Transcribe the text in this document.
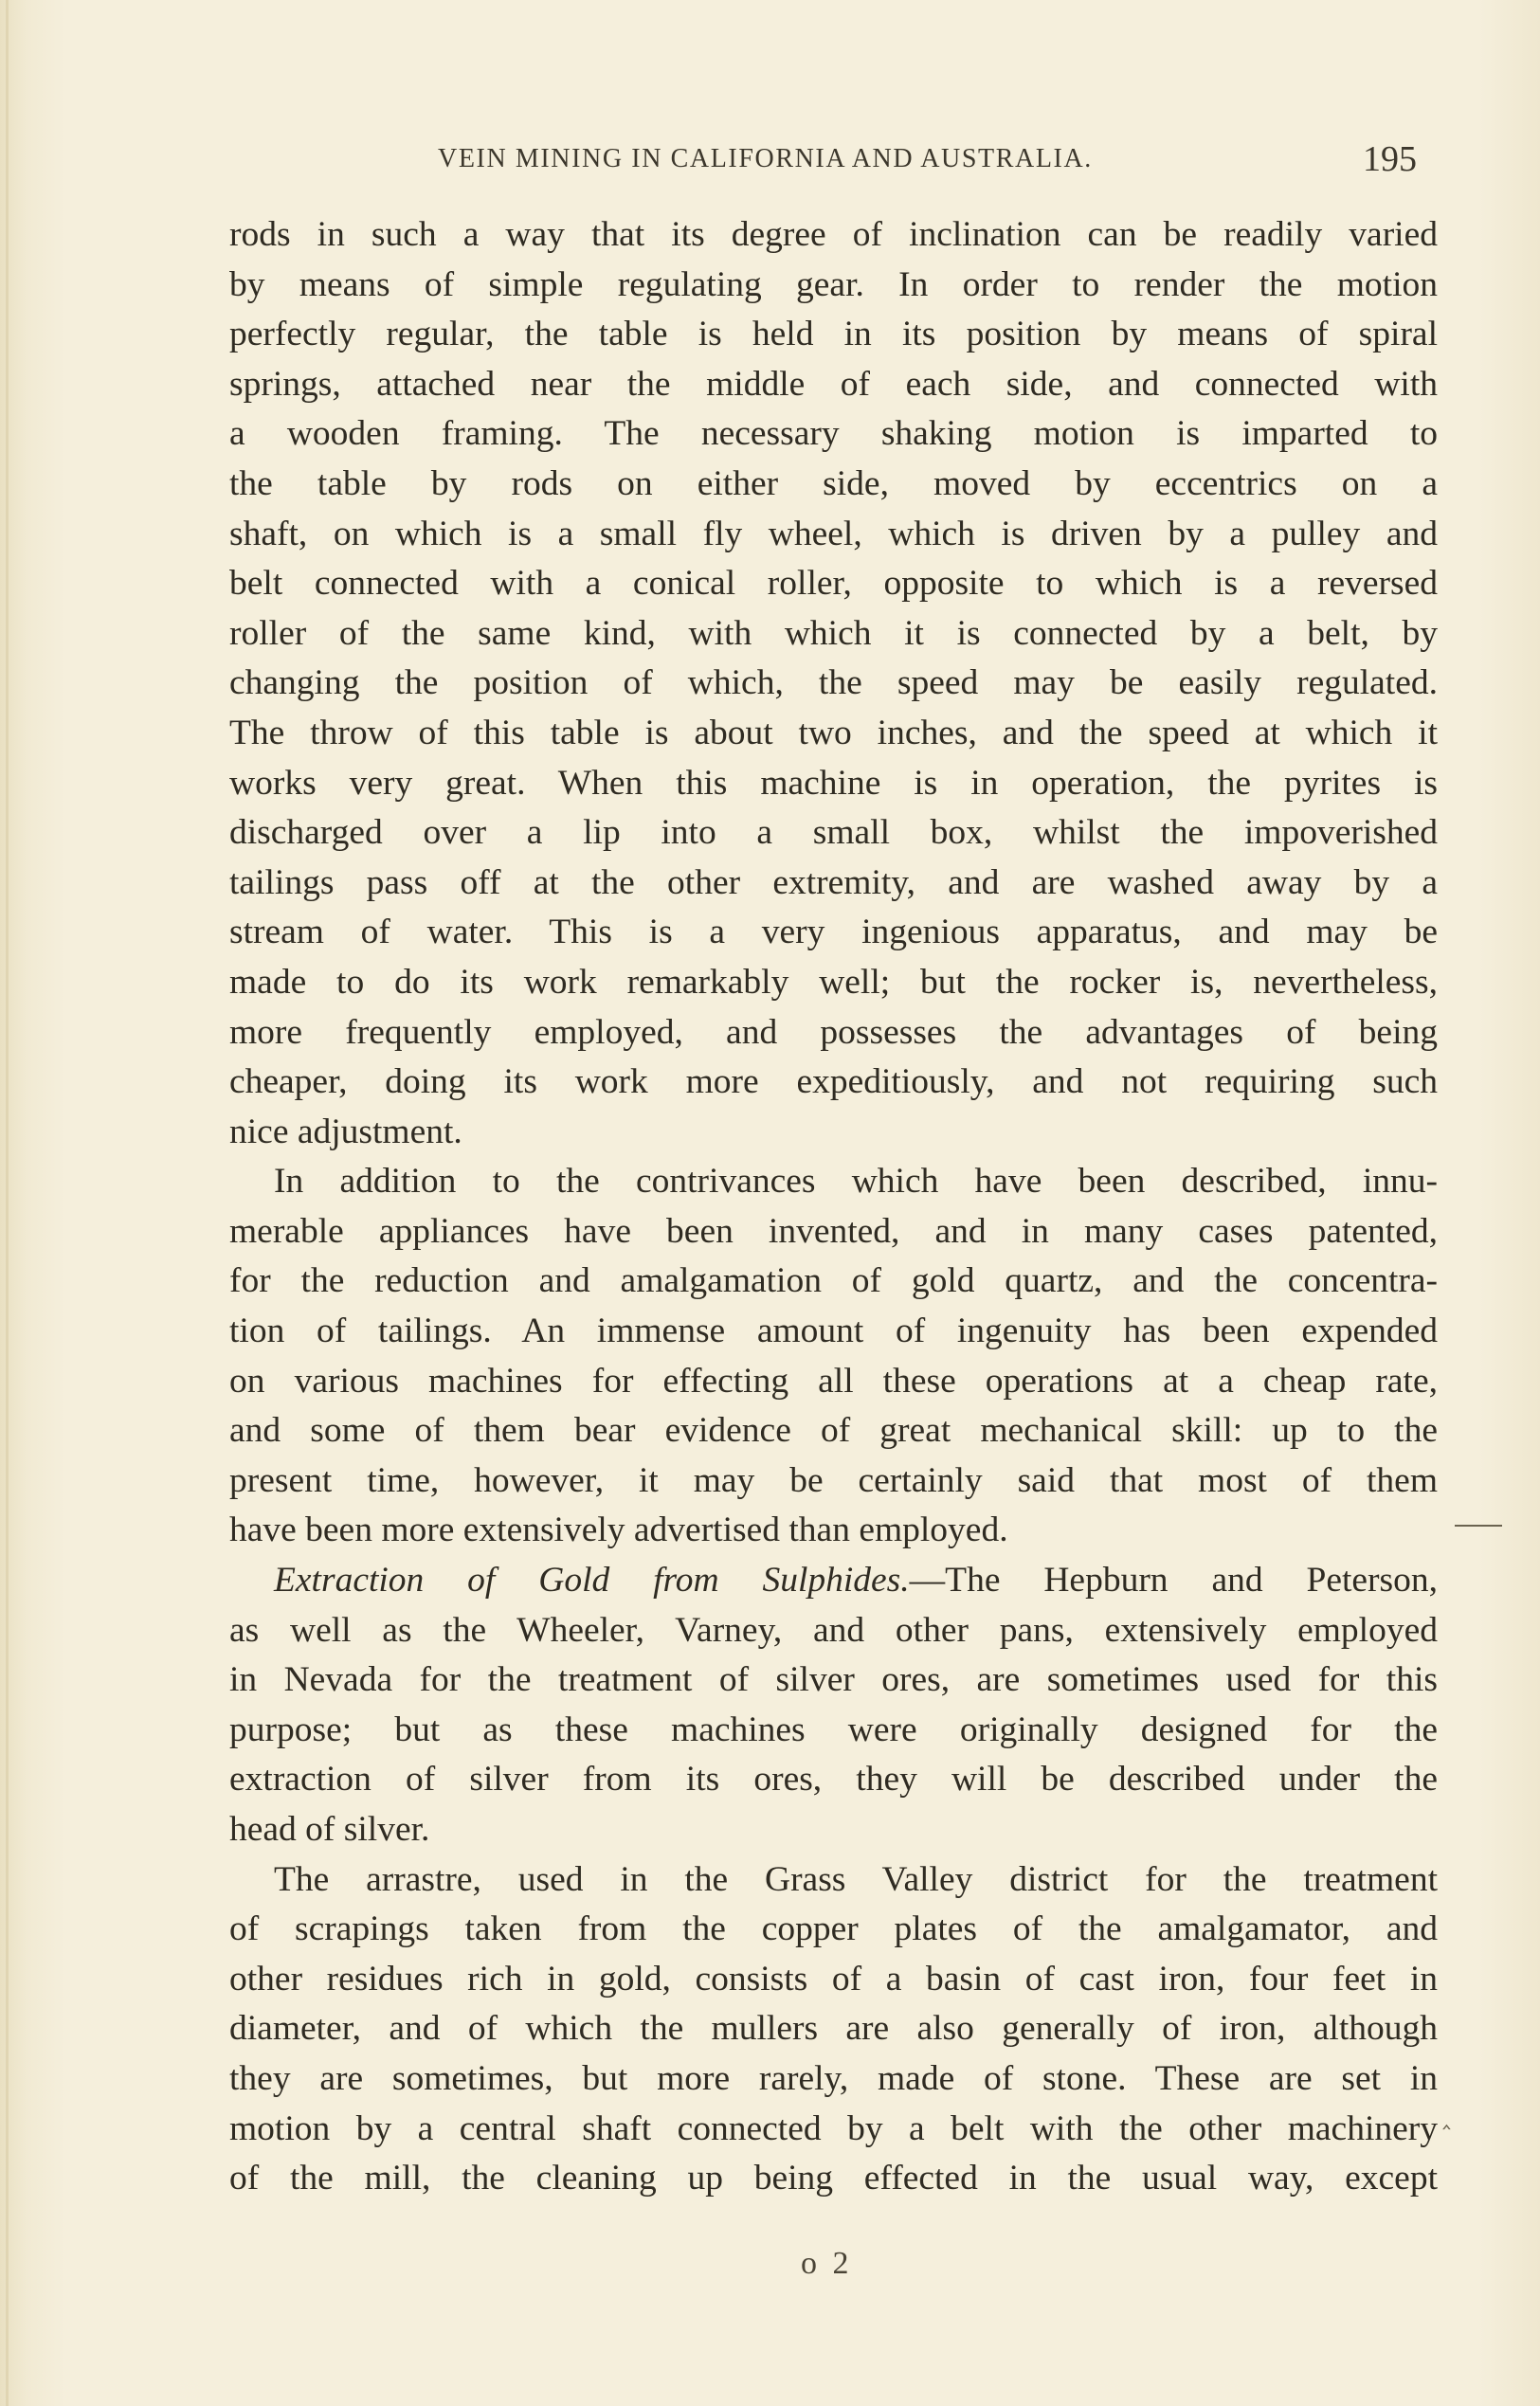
VEIN MINING IN CALIFORNIA AND AUSTRALIA.	195
rods in such a way that its degree of inclination can be readily varied
by means of simple regulating gear. In order to render the motion
perfectly regular, the table is held in its position by means of spiral
springs, attached near the middle of each side, and connected with
a wooden framing. The necessary shaking motion is imparted to
the table by rods on either side, moved by eccentrics on a
shaft, on which is a small fly wheel, which is driven by a pulley and
belt connected with a conical roller, opposite to which is a reversed
roller of the same kind, with which it is connected by a belt, by
changing the position of which, the speed may be easily regulated.
The throw of this table is about two inches, and the speed at which it
works very great. When this machine is in operation, the pyrites is
discharged over a lip into a small box, whilst the impoverished
tailings pass off at the other extremity, and are washed away by a
stream of water. This is a very ingenious apparatus, and may be
made to do its work remarkably well; but the rocker is, nevertheless,
more frequently employed, and possesses the advantages of being
cheaper, doing its work more expeditiously, and not requiring such
nice adjustment.
In addition to the contrivances which have been described, innu-
merable appliances have been invented, and in many cases patented,
for the reduction and amalgamation of gold quartz, and the concentra-
tion of tailings. An immense amount of ingenuity has been expended
on various machines for effecting all these operations at a cheap rate,
and some of them bear evidence of great mechanical skill: up to the
present time, however, it may be certainly said that most of them
have been more extensively advertised than employed.
Extraction of Gold from Sulphides.—The Hepburn and Peterson,
as well as the Wheeler, Varney, and other pans, extensively employed
in Nevada for the treatment of silver ores, are sometimes used for this
purpose; but as these machines were originally designed for the
extraction of silver from its ores, they will be described under the
head of silver.
The arrastre, used in the Grass Valley district for the treatment
of scrapings taken from the copper plates of the amalgamator, and
other residues rich in gold, consists of a basin of cast iron, four feet in
diameter, and of which the mullers are also generally of iron, although
they are sometimes, but more rarely, made of stone. These are set in
motion by a central shaft connected by a belt with the other machinery
of the mill, the cleaning up being effected in the usual way, except
‸
o 2
